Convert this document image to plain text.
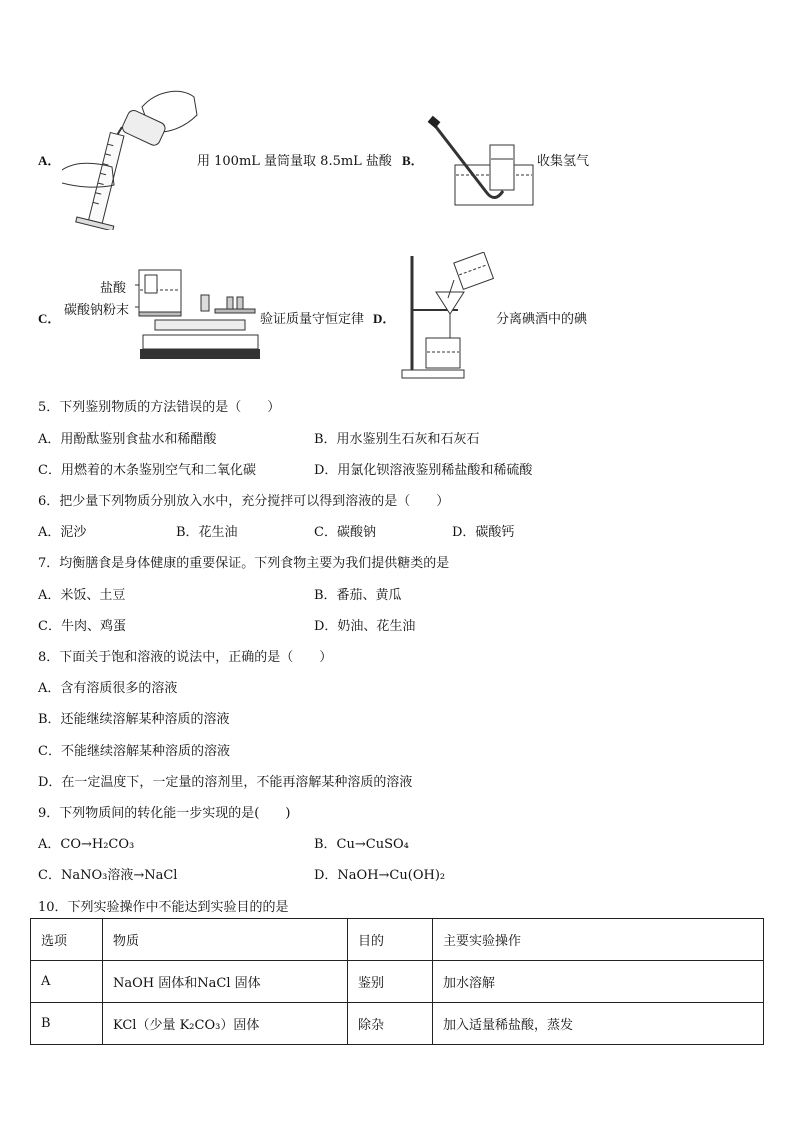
A．	用 100mL 量筒量取 8.5mL 盐酸 B．	收集氢气
C．
盐酸
碳酸钠粉末
验证质量守恒定律 D．	分离碘酒中的碘
5．下列鉴别物质的方法错误的是（　　）
A．用酚酞鉴别食盐水和稀醋酸	B．用水鉴别生石灰和石灰石
C．用燃着的木条鉴别空气和二氧化碳	D．用氯化钡溶液鉴别稀盐酸和稀硫酸
6．把少量下列物质分别放入水中，充分搅拌可以得到溶液的是（　　）
A．泥沙	B．花生油	C．碳酸钠	D．碳酸钙
7．均衡膳食是身体健康的重要保证。下列食物主要为我们提供糖类的是
A．米饭、土豆	B．番茄、黄瓜
C．牛肉、鸡蛋	D．奶油、花生油
8．下面关于饱和溶液的说法中，正确的是（　　）
A．含有溶质很多的溶液
B．还能继续溶解某种溶质的溶液
C．不能继续溶解某种溶质的溶液
D．在一定温度下，一定量的溶剂里，不能再溶解某种溶质的溶液
9．下列物质间的转化能一步实现的是(　　)
A．CO→H₂CO₃	B．Cu→CuSO₄
C．NaNO₃溶液→NaCl	D．NaOH→Cu(OH)₂
10．下列实验操作中不能达到实验目的的是
选项	物质	目的	主要实验操作
A	NaOH 固体和NaCl 固体	鉴别	加水溶解
B	KCl（少量 K₂CO₃）固体	除杂	加入适量稀盐酸，蒸发
